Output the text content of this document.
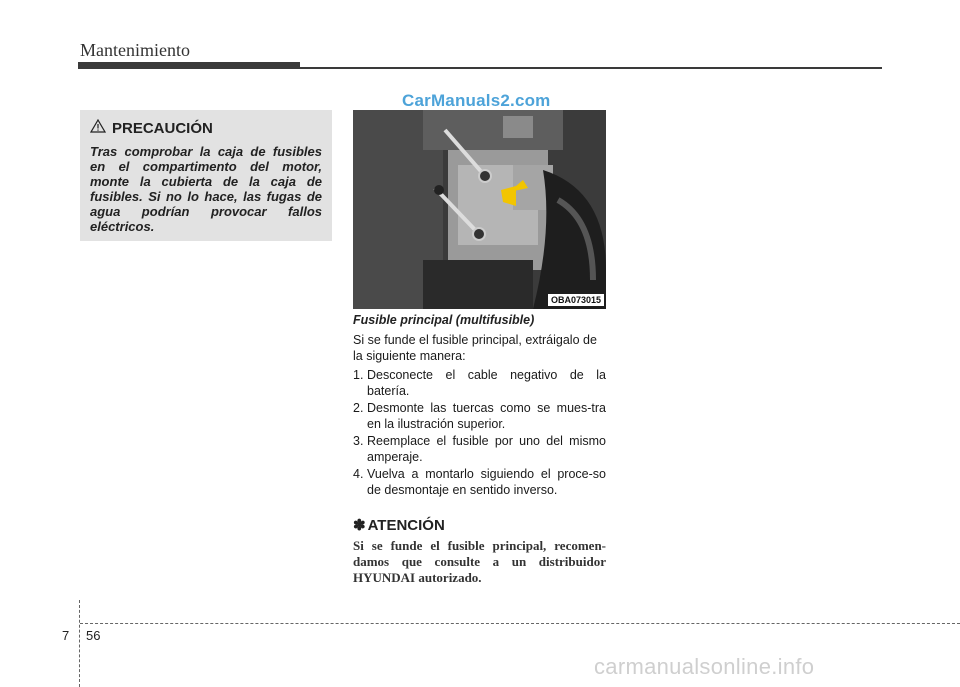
Mantenimiento
CarManuals2.com
PRECAUCIÓN
Tras comprobar la caja de fusibles en el compartimento del motor, monte la cubierta de la caja de fusibles. Si no lo hace, las fugas de agua podrían provocar fallos eléctricos.
OBA073015
Fusible principal (multifusible)
Si se funde el fusible principal, extráigalo de la siguiente manera:
1. Desconecte el cable negativo de la batería.
2. Desmonte las tuercas como se mues-tra en la ilustración superior.
3. Reemplace el fusible por uno del mismo amperaje.
4. Vuelva a montarlo siguiendo el proce-so de desmontaje en sentido inverso.
✽ ATENCIÓN
Si se funde el fusible principal, recomen-damos que consulte a un distribuidor HYUNDAI autorizado.
7 56
carmanualsonline.info
